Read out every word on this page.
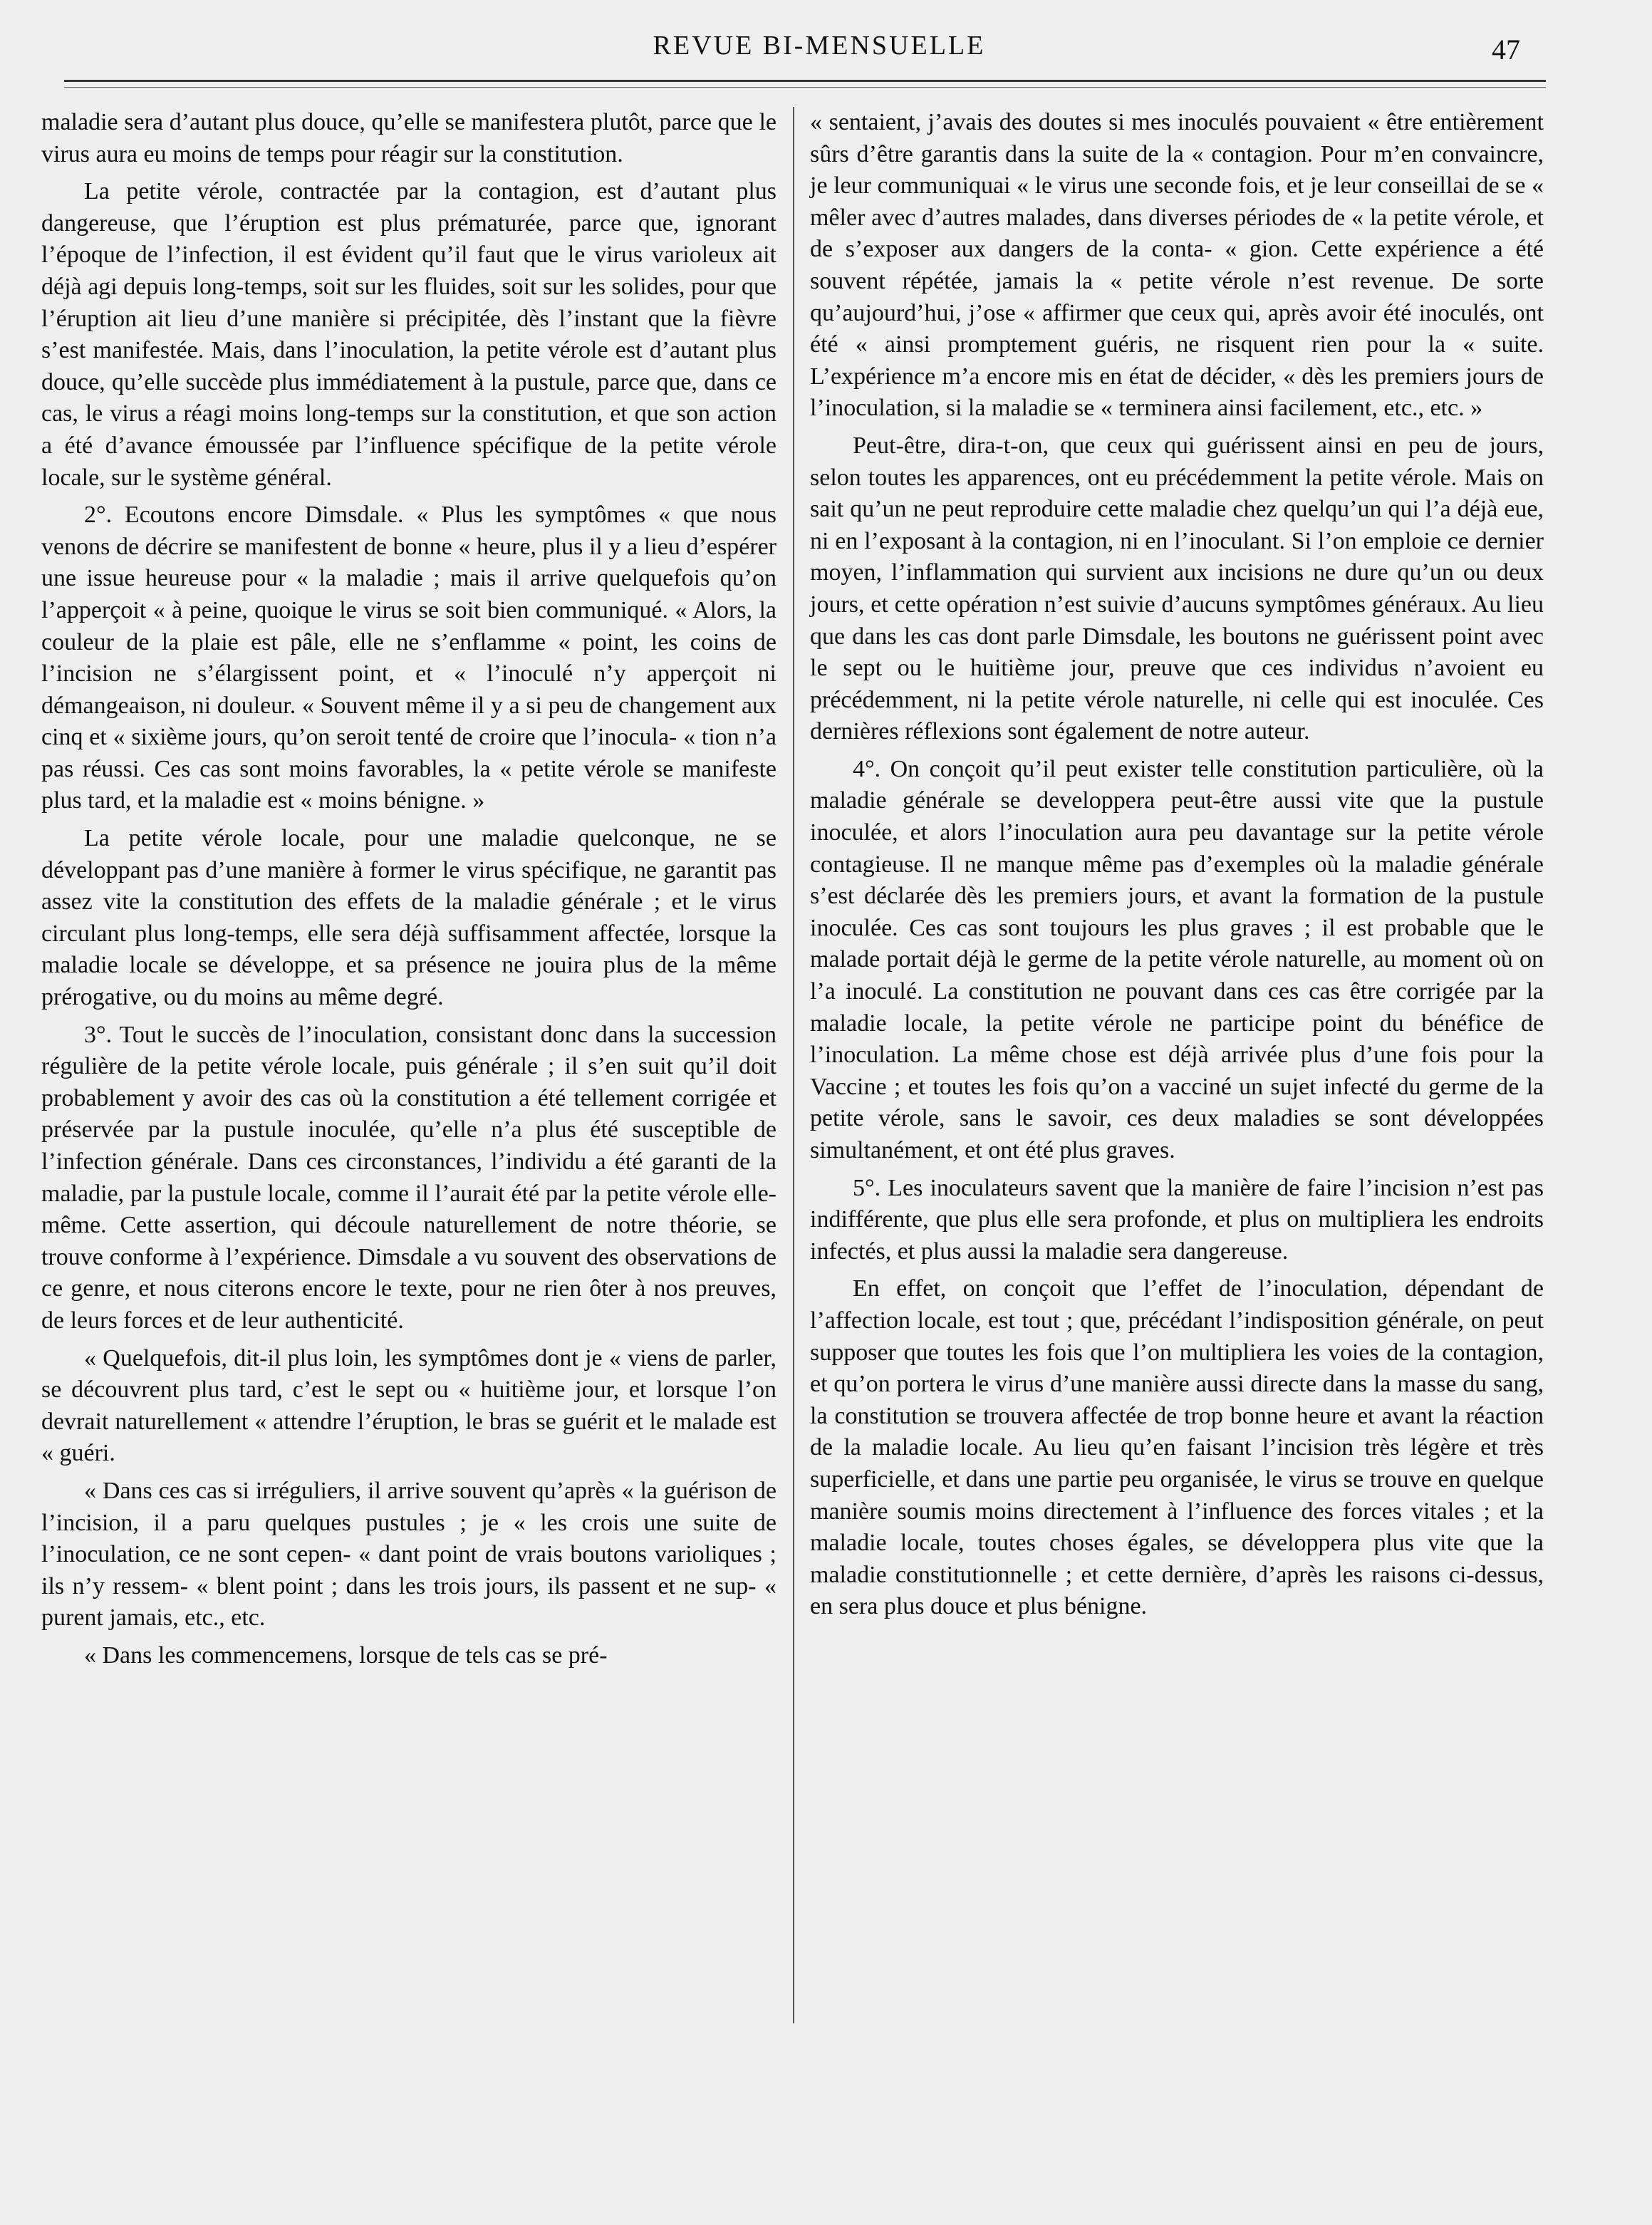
REVUE BI-MENSUELLE	47

maladie sera d’autant plus douce, qu’elle se manifestera plutôt, parce que le virus aura eu moins de temps pour réagir sur la constitution.

La petite vérole, contractée par la contagion, est d’autant plus dangereuse, que l’éruption est plus prématurée, parce que, ignorant l’époque de l’infection, il est évident qu’il faut que le virus varioleux ait déjà agi depuis long-temps, soit sur les fluides, soit sur les solides, pour que l’éruption ait lieu d’une manière si précipitée, dès l’instant que la fièvre s’est manifestée. Mais, dans l’inoculation, la petite vérole est d’autant plus douce, qu’elle succède plus immédiatement à la pustule, parce que, dans ce cas, le virus a réagi moins long-temps sur la constitution, et que son action a été d’avance émoussée par l’influence spécifique de la petite vérole locale, sur le système général.

2°. Ecoutons encore Dimsdale. « Plus les symptômes « que nous venons de décrire se manifestent de bonne « heure, plus il y a lieu d’espérer une issue heureuse pour « la maladie ; mais il arrive quelquefois qu’on l’apperçoit « à peine, quoique le virus se soit bien communiqué. « Alors, la couleur de la plaie est pâle, elle ne s’enflamme « point, les coins de l’incision ne s’élargissent point, et « l’inoculé n’y apperçoit ni démangeaison, ni douleur. « Souvent même il y a si peu de changement aux cinq et « sixième jours, qu’on seroit tenté de croire que l’inocula- « tion n’a pas réussi. Ces cas sont moins favorables, la « petite vérole se manifeste plus tard, et la maladie est « moins bénigne. »

La petite vérole locale, pour une maladie quelconque, ne se développant pas d’une manière à former le virus spécifique, ne garantit pas assez vite la constitution des effets de la maladie générale ; et le virus circulant plus long-temps, elle sera déjà suffisamment affectée, lorsque la maladie locale se développe, et sa présence ne jouira plus de la même prérogative, ou du moins au même degré.

3°. Tout le succès de l’inoculation, consistant donc dans la succession régulière de la petite vérole locale, puis générale ; il s’en suit qu’il doit probablement y avoir des cas où la constitution a été tellement corrigée et préservée par la pustule inoculée, qu’elle n’a plus été susceptible de l’infection générale. Dans ces circonstances, l’individu a été garanti de la maladie, par la pustule locale, comme il l’aurait été par la petite vérole elle-même. Cette assertion, qui découle naturellement de notre théorie, se trouve conforme à l’expérience. Dimsdale a vu souvent des observations de ce genre, et nous citerons encore le texte, pour ne rien ôter à nos preuves, de leurs forces et de leur authenticité.

« Quelquefois, dit-il plus loin, les symptômes dont je « viens de parler, se découvrent plus tard, c’est le sept ou « huitième jour, et lorsque l’on devrait naturellement « attendre l’éruption, le bras se guérit et le malade est « guéri.

« Dans ces cas si irréguliers, il arrive souvent qu’après « la guérison de l’incision, il a paru quelques pustules ; je « les crois une suite de l’inoculation, ce ne sont cepen- « dant point de vrais boutons varioliques ; ils n’y ressem- « blent point ; dans les trois jours, ils passent et ne sup- « purent jamais, etc., etc.

« Dans les commencemens, lorsque de tels cas se pré-

« sentaient, j’avais des doutes si mes inoculés pouvaient « être entièrement sûrs d’être garantis dans la suite de la « contagion. Pour m’en convaincre, je leur communiquai « le virus une seconde fois, et je leur conseillai de se « mêler avec d’autres malades, dans diverses périodes de « la petite vérole, et de s’exposer aux dangers de la conta- « gion. Cette expérience a été souvent répétée, jamais la « petite vérole n’est revenue. De sorte qu’aujourd’hui, j’ose « affirmer que ceux qui, après avoir été inoculés, ont été « ainsi promptement guéris, ne risquent rien pour la « suite. L’expérience m’a encore mis en état de décider, « dès les premiers jours de l’inoculation, si la maladie se « terminera ainsi facilement, etc., etc. »

Peut-être, dira-t-on, que ceux qui guérissent ainsi en peu de jours, selon toutes les apparences, ont eu précédemment la petite vérole. Mais on sait qu’un ne peut reproduire cette maladie chez quelqu’un qui l’a déjà eue, ni en l’exposant à la contagion, ni en l’inoculant. Si l’on emploie ce dernier moyen, l’inflammation qui survient aux incisions ne dure qu’un ou deux jours, et cette opération n’est suivie d’aucuns symptômes généraux. Au lieu que dans les cas dont parle Dimsdale, les boutons ne guérissent point avec le sept ou le huitième jour, preuve que ces individus n’avoient eu précédemment, ni la petite vérole naturelle, ni celle qui est inoculée. Ces dernières réflexions sont également de notre auteur.

4°. On conçoit qu’il peut exister telle constitution particulière, où la maladie générale se developpera peut-être aussi vite que la pustule inoculée, et alors l’inoculation aura peu davantage sur la petite vérole contagieuse. Il ne manque même pas d’exemples où la maladie générale s’est déclarée dès les premiers jours, et avant la formation de la pustule inoculée. Ces cas sont toujours les plus graves ; il est probable que le malade portait déjà le germe de la petite vérole naturelle, au moment où on l’a inoculé. La constitution ne pouvant dans ces cas être corrigée par la maladie locale, la petite vérole ne participe point du bénéfice de l’inoculation. La même chose est déjà arrivée plus d’une fois pour la Vaccine ; et toutes les fois qu’on a vacciné un sujet infecté du germe de la petite vérole, sans le savoir, ces deux maladies se sont développées simultanément, et ont été plus graves.

5°. Les inoculateurs savent que la manière de faire l’incision n’est pas indifférente, que plus elle sera profonde, et plus on multipliera les endroits infectés, et plus aussi la maladie sera dangereuse.

En effet, on conçoit que l’effet de l’inoculation, dépendant de l’affection locale, est tout ; que, précédant l’indisposition générale, on peut supposer que toutes les fois que l’on multipliera les voies de la contagion, et qu’on portera le virus d’une manière aussi directe dans la masse du sang, la constitution se trouvera affectée de trop bonne heure et avant la réaction de la maladie locale. Au lieu qu’en faisant l’incision très légère et très superficielle, et dans une partie peu organisée, le virus se trouve en quelque manière soumis moins directement à l’influence des forces vitales ; et la maladie locale, toutes choses égales, se développera plus vite que la maladie constitutionnelle ; et cette dernière, d’après les raisons ci-dessus, en sera plus douce et plus bénigne.
